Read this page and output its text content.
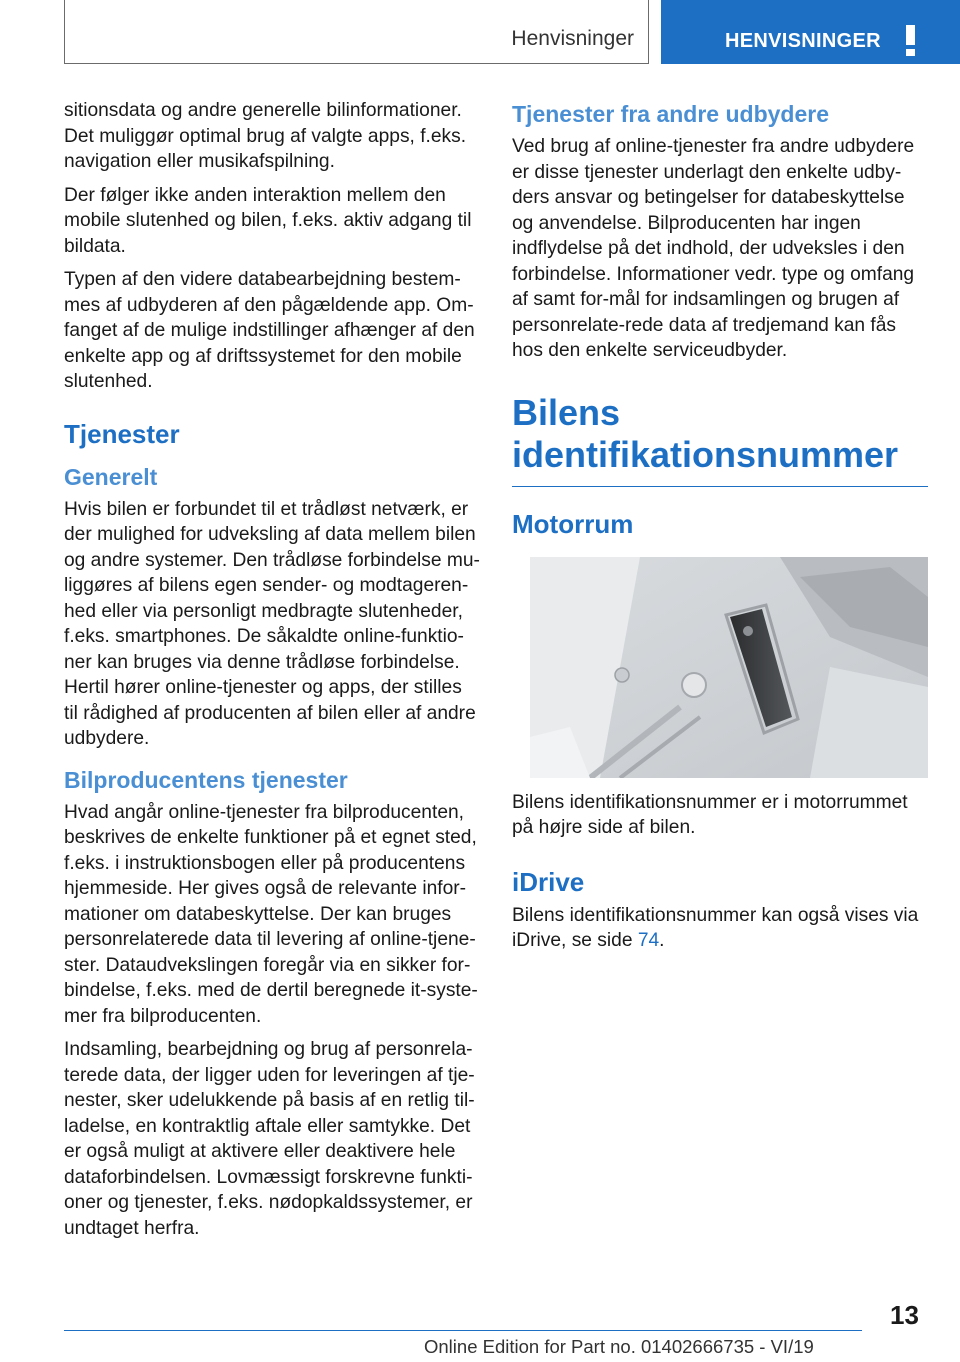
Henvisninger	HENVISNINGER

sitionsdata og andre generelle bilinformationer. Det muliggør optimal brug af valgte apps, f.eks. navigation eller musikafspilning.

Der følger ikke anden interaktion mellem den mobile slutenhed og bilen, f.eks. aktiv adgang til bildata.

Typen af den videre databearbejdning bestem‐mes af udbyderen af den pågældende app. Om‐fanget af de mulige indstillinger afhænger af den enkelte app og af driftssystemet for den mobile slutenhed.

Tjenester
Generelt

Hvis bilen er forbundet til et trådløst netværk, er der mulighed for udveksling af data mellem bilen og andre systemer. Den trådløse forbindelse mu‐liggøres af bilens egen sender- og modtageren‐hed eller via personligt medbragte slutenheder, f.eks. smartphones. De såkaldte online-funktio‐ner kan bruges via denne trådløse forbindelse. Hertil hører online-tjenester og apps, der stilles til rådighed af producenten af bilen eller af andre udbydere.

Bilproducentens tjenester

Hvad angår online-tjenester fra bilproducenten, beskrives de enkelte funktioner på et egnet sted, f.eks. i instruktionsbogen eller på producentens hjemmeside. Her gives også de relevante infor‐mationer om databeskyttelse. Der kan bruges personrelaterede data til levering af online-tjene‐ster. Dataudvekslingen foregår via en sikker for‐bindelse, f.eks. med de dertil beregnede it-syste‐mer fra bilproducenten.

Indsamling, bearbejdning og brug af personrela‐terede data, der ligger uden for leveringen af tje‐nester, sker udelukkende på basis af en retlig til‐ladelse, en kontraktlig aftale eller samtykke. Det er også muligt at aktivere eller deaktivere hele dataforbindelsen. Lovmæssigt forskrevne funkti‐oner og tjenester, f.eks. nødopkaldssystemer, er undtaget herfra.

Tjenester fra andre udbydere

Ved brug af online-tjenester fra andre udbydere er disse tjenester underlagt den enkelte udby‐ders ansvar og betingelser for databeskyttelse og anvendelse. Bilproducenten har ingen indflydelse på det indhold, der udveksles i den forbindelse. Informationer vedr. type og omfang af samt for‐mål for indsamlingen og brugen af personrelate‐rede data af tredjemand kan fås hos den enkelte serviceudbyder.

Bilens
identifikationsnummer
Motorrum

Bilens identifikationsnummer er i motorrummet på højre side af bilen.

iDrive

Bilens identifikationsnummer kan også vises via iDrive, se side 74.

13
Online Edition for Part no. 01402666735 - VI/19
